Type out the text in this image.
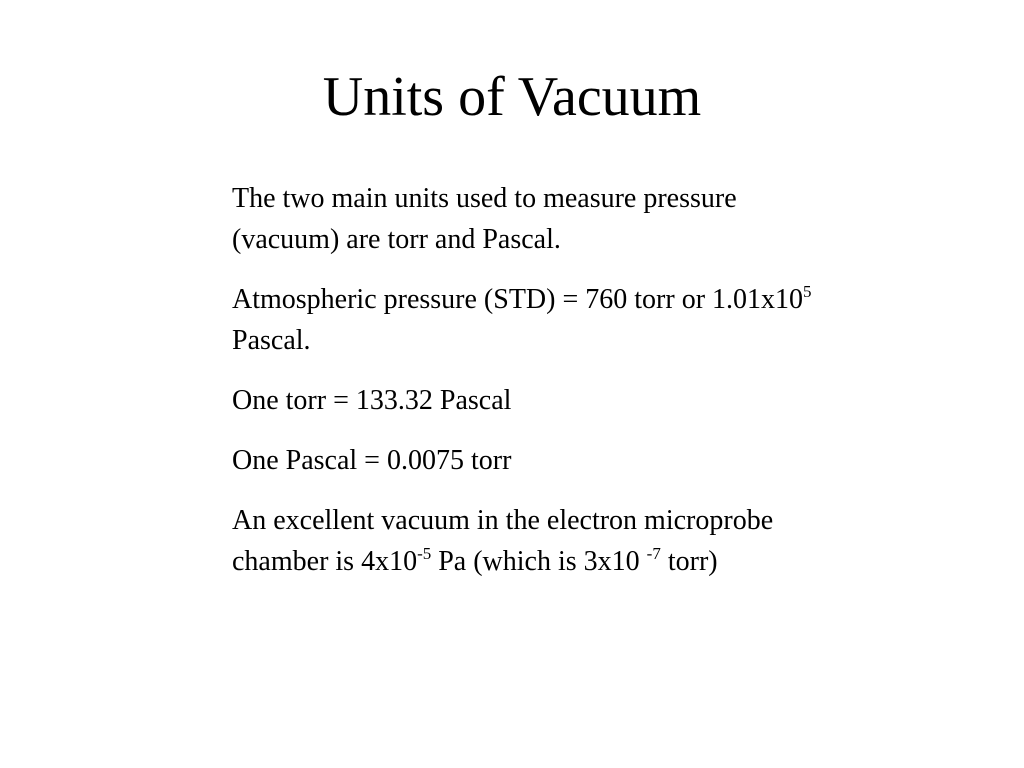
Units of Vacuum

The two main units used to measure pressure (vacuum) are torr and Pascal.

Atmospheric pressure (STD) = 760 torr or $1.01x10^5$ Pascal.

One torr = 133.32 Pascal

One Pascal = 0.0075 torr

An excellent vacuum in the electron microprobe chamber is $4x10^{-5}$ Pa (which is 3x10 $^{-7}$ torr)
